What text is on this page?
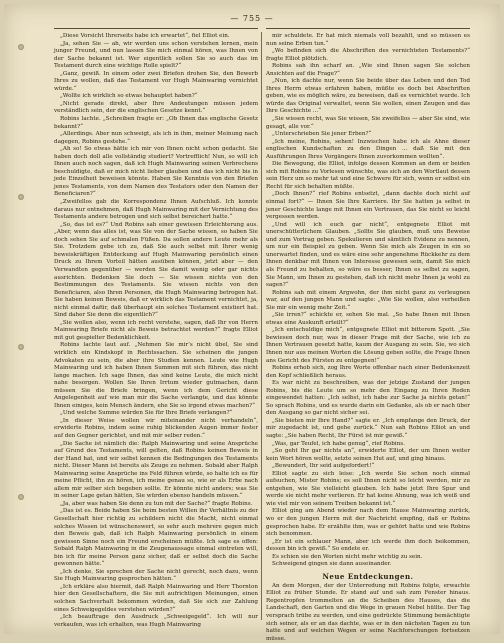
— 755 —

„Diese Vorsicht Ihrerseits habe ich erwartet“, fiel Elliot ein.

„Ja, sehen Sie — ah, wir werden uns schon verstehen lernen, mein junger Freund, und nun lassen Sie mich einmal hören, was Ihnen von der Sache bekannt ist. Wer eigentlich sollen Sie so auch das im Testament durch eine wichtige Rolle spielt?“

„Ganz, gewiß. In einem oder zwei Briefen drohen Sie, den Bewerb Ihres zu wollen, daß das Testament vor Hugh Mainwaring vernichtet würde.“

„Wollte ich wirklich so etwas behauptet haben?“

„Nicht gerade direkt, aber Ihre Andeutungen müssen jedem verständlich sein, der die englischen Gesetze kennt.“

Robins lachte. „Schreiben fragte er: „Ob Ihnen das englische Gesetz bekannt?“

„Allerdings. Aber nun schweigt, als ich in ihm, meiner Meinung nach dagegen, Robins gestehe.“

„Ah so! So etwas hätte ich mir von Ihnen nicht schon gedacht. Sie haben doch doll alle vollständig studiert? Vortrefflich! Nun, so will ich Ihnen auch noch sagen, daß ich Hugh Mainwaring seinen Verbrechens beschuldigte, daß er mich nicht lieber glauben und das ich nicht bis in jede Einzelheit beweisen könnte. Haben Sie Kenntnis von den Briefen jenes Testaments, von dem Namen des Testators oder den Namen der Beneficiaren?“

„Zweifellos gab die Korrespondenz Ihnen Aufschluß. Ich konnte daraus nur entnehmen, daß Hugh Mainwaring mit der Vernichtung des Testaments andere betrogen und sich selbst bereichert hatte.“

„So, das ist es?“ Und Robins sah einer gewissen Erleichterung aus. „Aber, wenn das alles ist, was Sie von der Sache wissen, so haben Sie doch sehen Sie auf schmalen Füßen. Da sollen andere Leute mehr als Sie. Trotzdem gebe ich zu, daß Sie auch selbst mit Ihrer wenig beweiskräftigen Entdeckung auf Hugh Mainwaring persönlich einen Druck zu Ihrem Vorteil hätten ausüben können, jetzt aber — den Verwandten gegenüber — werden Sie damit wenig oder gar nichts ausrichten. Bedenken Sie doch — Sie wissen nichts von den Bestimmungen des Testaments. Sie wissen nichts von den Beneficiaren, also Ihren Personen, die Hugh Mainwaring betrogen hat. Sie haben keinen Beweis, daß er wirklich das Testament vernichtet, ja, nicht einmal dafür, daß überhaupt ein solches Testament existiert hat. Sind daher Sie denn die eigentlich?“

„Sie wollen also, wenn ich recht verstehe, sagen, daß Ihr von Herrn Mainwaring Briefe nicht als Beweis betrachtet werden?“ fragte Elliot mit gut gespielter Bedenklichkeit.

Robins lachte laut auf. „Nehmen Sie mir’s nicht übel, Sie sind wirklich ein Kindskopf in Rechtssachen. Sie scheinen die jungen Advokaten zu sein, die aber ihre Studien kennen. Leute wie Hugh Mainwaring und ich haben Ihnen Summen mit sich führen, das nicht lange machen. Ich sage Ihnen, das sind keine Leute, die mich nicht nahe besorgen. Wollen Sie Ihren Irrtum wieder gutmachen, dann müssen Sie die Briefe bringen, wenn ich dem Gericht diese Angelegenheit auf wie man mir die Sache verlangte, und das könnte Ihnen einiges, kein Mensch ändern, ehe Sie so irgend etwas machen?“

„Und welche Summe würden Sie für Ihre Briefe verlangen?“

„In dieser Weise wollen wir miteinander nicht verhandeln“, erwiderte Robins, indem seine ruhig blickenden Augen immer fester auf den Gegner gerichtet, und mit mir selber reden.“

„Die Sache ist nämlich die: Ralph Mainwaring und seine Ansprüche auf Grund des Testaments, will gelten, daß Robins keinen Beweis in der Hand hat, und wir selbst kennen die Bedingungen des Testaments nicht. Dieser Mann ist bereits als Zeuge zu nehmen. Sobald aber Ralph Mainwaring seine Ansprüche ins Feld führen würde, so halte ich es für meine Pflicht, ihn zu hören, ich meine genau so, wie er als Erbe nach allem mir selber sich begeben sollte. Er könnte nicht anders; was Sie in seiner Lage getan hätten, Sie würden ebenso handeln müssen.“

„Ja, aber was haben Sie denn zu tun mit der Sache?“ fragte Robins.

„Das ist es. Beide haben Sie beim besten Willen ihr Verhältnis zu der Gesellschaft hier richtig zu schildern nicht die Macht, nicht einmal solches Wissen ist wünschenswert, so sehr auch mehrere gegen mich den Beweis gab, daß ich Ralph Mainwaring persönlich in einem gewissen Sinne noch ein Freund erscheinen müßte. Ich sage es offen: Sobald Ralph Mainwaring in die Zeugenaussage einmal eintreten will, bin ich für meine Person ganz sicher, daß er selbst doch die Sache gewonnen hätte.“

„Ich denke, Sie sprechen der Sache nicht gerecht, noch dazu, wenn Sie Hugh Mainwaring gesprochen hätten.“

„Ich erkläre also hiermit, daß Ralph Mainwaring und Herr Thornton hier den Gesellschaftern, die Sie mit aufrichtigen Meinungen, einen solchen Sachverhalt bekommen würden, daß Sie sich zur Zahlung eines Schweigegeldes verstehen würden?“

„Ich beauftrage den Ausdruck „Schweigegeld“. Ich will nur verkaufen, was ich erhalten, was Hugh Mainwaring

mir schuldete. Er hat mich niemals voll bezahlt, und so müssen es nun seine Erben tun.“

„Wo befinden sich die Abschriften des vernichteten Testaments?“ fragte Elliot plötzlich.

Robins sah ihn scharf an. „Wie sind Ihnen sagen Sie solchen Ansichten auf die Frage?“

„Nun, ich dachte nur, wenn Sie beide über das Leben und den Tod Ihres Herrn etwas erfahren haben, müßte es doch bei Abschriften geben, wie es möglich wäre, zu beweisen, daß es vernichtet wurde. Ich würde das Original verwaltet, wenn Sie wollen, einen Zeugen und das Ihre Geschichte ...“

„Sie wissen recht, was Sie wissen, Sie zweifellos — aber Sie sind, wie gesagt, alle vor.“

„Unterschrieben Sie jener Erben?“

„Ich meine, Robins, sehen! Inzwischen habe ich als Ahne dieser englischen Kundschaften zu den Dingen ... daß Sie mit den Ausführungen Ihres Vorgängers Ihnen zuvorkommen wollten“.

Die Bewegung, die Elliot, infolge dessen Kommen an dem er beiden sich mit Robins zu Vorlesen wünschte, was sich an den Wortlaut dessen sein Herz um so mehr tat und eine Schwere für sich, wenn er selbst ein Recht für sich behalten müßte.

„Doch Ihnen?“ rief Robins entsetzt, „dann dachte doch nicht auf einmal fort?“ — Ihnen Sie Ihre Karriere. Ihr Sie hatten ja selbst in jener Geschichte lange mit Ihnen ein Vertrauen, das Sie nicht so leicht vergessen werden.

„Und will ich euch gar nicht“, entgegnete Elliot mit unerschütterlichem Glauben. „Sollte Sie glauben, muß uns Beweise und zum Vortrag geben. Spekulieren und sämtlich Evidenz zu nennen, um nur ein Beispiel zu geben. Wenn Sie mich als Zeugen in ein so unerwartet finden, und es wäre eine sehr angenehme Rückkehr zu dem Ihnen denkbar mit Ihnen von Interesse gewesen sein, damit Sie mich als Freund zu behalten, so wäre es besser, Ihnen es selbst zu sagen, Sie Mann, um Ihnen zu gestehen, daß ich nicht mehr Ihnen ja wohl zu sagen?“

Robins sah mit einem Argwohn, der ihm nicht ganz zu verleugnen war, auf den jungen Mann und sagte: „Wie Sie wollen, also verheißen Sie mir ein wenig mehr Zeit.“

„Sie irren?“ schickte er, sehen Sie mal. „So habe Ihnen mit Ihnen etwas eine Auskunft erteilt?“

„Ich entschuldige mich“, entgegnete Elliot mit bitterem Spott. „Sie bewiesen doch nur, was in dieser Frage mit der Sache, wie ich zu Ihnen Vertrauen gesetzt hatte, kaum der Ausgang zu sein. Sie, wo sich Ihnen nur aus meinen Worten die Lösung geben sollte, die Frage Ihnen ans Gericht des Fürsten zu entgegnen!“

Robins erhob sich, zog Ihre Worte offenbar nach einer Bedenkenzeit den Kopf schließlich heraus.

Es war nicht zu beschreiben, was der jetzige Zustand der jungen Robins, bis die Leute um so mehr den Eingang zu Ihren Reden eingewendet hatten: „Ich selbst, ich habe zur Sache ja nichts getan!“ So sprach Robins, und es wurde darin ein Gedanke, als ob er nach über den Ausgang so gar nicht sicher sei.

„Sie bieten mir Ihre Hand?“ sagte er. „Ich empfange den Druck, der mir zugedacht ist, und gehe zurück.“ Nun sah Robins Elliot an und sagte: „Sie haben Recht, Ihr Fürst ist mir gewiß.“

„Was, gar Teufel, ich habe genug“, rief Robins.

„So geht Ihr gar nichts an“, erwiderte Elliot, der um Ihnen weiter kein Wort hören wollte, setzte seinen Hut auf, und ging hinaus.

„Bewundert, Ihr seid aufgefordert!“

Elliot sagte zu sich leise: „Ich werde Sie schon noch einmal aufsuchen, Mister Robins; es soll Ihnen nicht so leicht werden, mir zu entgehen, wie Sie vielleicht glauben. Ich habe jetzt Ihre Spur und werde sie nicht mehr verlieren. Er hat keine Ahnung, was ich weiß und wie viel mir von seinem Treiben bekannt ist.“

Elliot ging am Abend wieder nach dem Hause Mainwaring zurück, wo er den jungen Herrn mit der Nachricht empfing, daß er Robins gesprochen habe. Er erzählte ihm, was er gehört hatte und wie Robins sich benommen.

„Er ist ein schlauer Mann, aber ich werde ihm doch beikommen, dessen bin ich gewiß.“ So endete er.

Es schien sie den Worten nicht mehr wichtig zu sein.

Schweigend gingen sie dann auseinander.

Neue Entdeckungen.

An dem Morgen, der der Unterredung mit Robins folgte, erwachte Elliot zu früher Stunde. Er stand auf und sah zum Fenster hinaus. Regentropfen trommelten an die Scheiben des Hauses, das die Landschaft, den Garten und die Wege in grauen Nebel hüllte. Der Tag versprach trübe zu werden, und eine gedrückte Stimmung bemächtigte sich seiner, als er an das dachte, was er in den nächsten Tagen zu tun hatte und auf welchen Wegen er seine Nachforschungen fortsetzen müsse.
